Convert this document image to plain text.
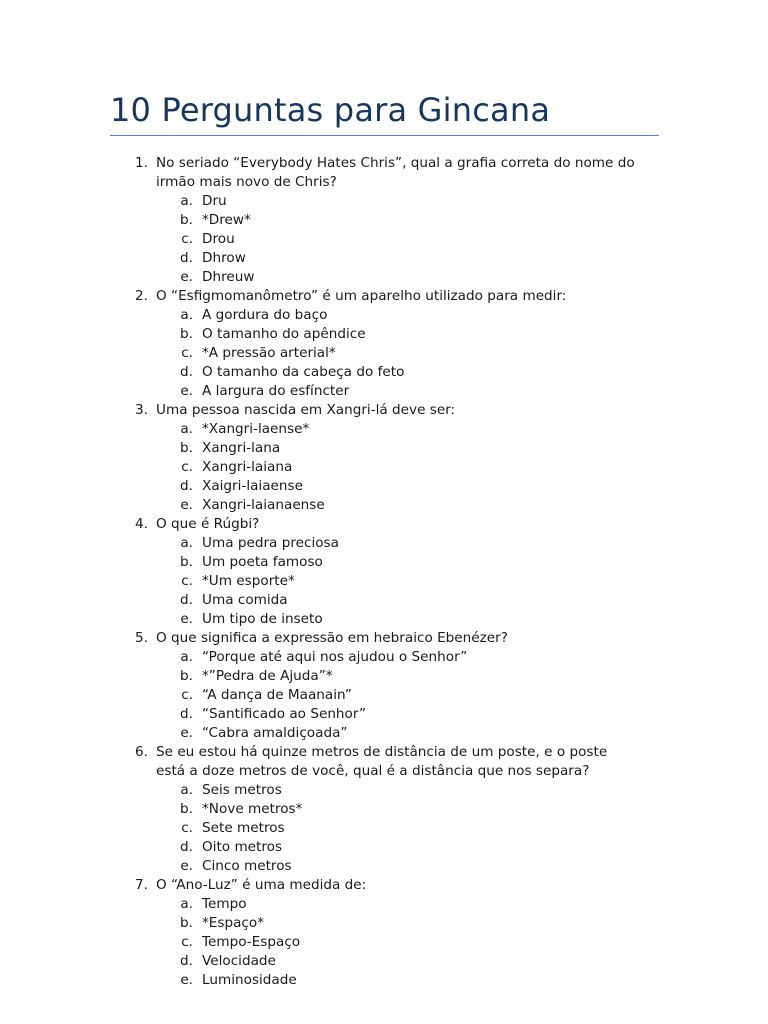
10 Perguntas para Gincana
1. No seriado “Everybody Hates Chris”, qual a grafia correta do nome do
irmão mais novo de Chris?
a. Dru
b. *Drew*
c. Drou
d. Dhrow
e. Dhreuw
2. O “Esfigmomanômetro” é um aparelho utilizado para medir:
a. A gordura do baço
b. O tamanho do apêndice
c. *A pressão arterial*
d. O tamanho da cabeça do feto
e. A largura do esfíncter
3. Uma pessoa nascida em Xangri-lá deve ser:
a. *Xangri-laense*
b. Xangri-lana
c. Xangri-laiana
d. Xaigri-laiaense
e. Xangri-laianaense
4. O que é Rúgbi?
a. Uma pedra preciosa
b. Um poeta famoso
c. *Um esporte*
d. Uma comida
e. Um tipo de inseto
5. O que significa a expressão em hebraico Ebenézer?
a. “Porque até aqui nos ajudou o Senhor”
b. *”Pedra de Ajuda”*
c. “A dança de Maanain”
d. “Santificado ao Senhor”
e. “Cabra amaldiçoada”
6. Se eu estou há quinze metros de distância de um poste, e o poste
está a doze metros de você, qual é a distância que nos separa?
a. Seis metros
b. *Nove metros*
c. Sete metros
d. Oito metros
e. Cinco metros
7. O “Ano-Luz” é uma medida de:
a. Tempo
b. *Espaço*
c. Tempo-Espaço
d. Velocidade
e. Luminosidade
